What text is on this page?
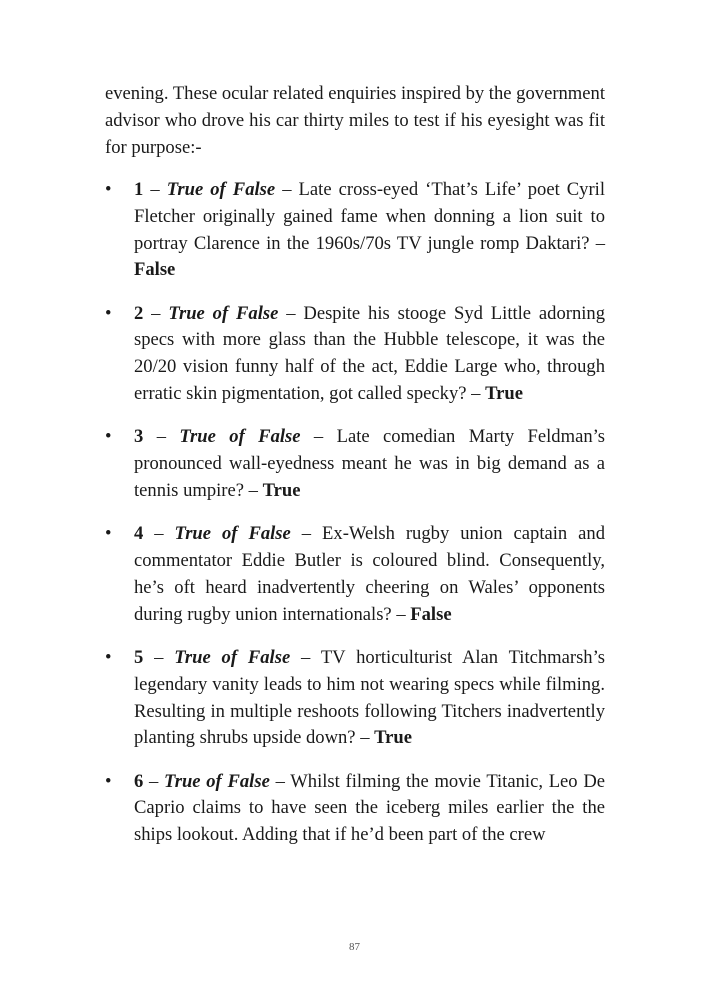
evening. These ocular related enquiries inspired by the government advisor who drove his car thirty miles to test if his eyesight was fit for purpose:-

• 1 – True of False – Late cross-eyed ‘That’s Life’ poet Cyril Fletcher originally gained fame when donning a lion suit to portray Clarence in the 1960s/70s TV jungle romp Daktari? – False
• 2 – True of False – Despite his stooge Syd Little adorning specs with more glass than the Hubble telescope, it was the 20/20 vision funny half of the act, Eddie Large who, through erratic skin pigmentation, got called specky? – True
• 3 – True of False – Late comedian Marty Feldman’s pronounced wall-eyedness meant he was in big demand as a tennis umpire? – True
• 4 – True of False – Ex-Welsh rugby union captain and commentator Eddie Butler is coloured blind. Consequently, he’s oft heard inadvertently cheering on Wales’ opponents during rugby union internationals? – False
• 5 – True of False – TV horticulturist Alan Titchmarsh’s legendary vanity leads to him not wearing specs while filming. Resulting in multiple reshoots following Titchers inadvertently planting shrubs upside down? – True
• 6 – True of False – Whilst filming the movie Titanic, Leo De Caprio claims to have seen the iceberg miles earlier the the ships lookout. Adding that if he’d been part of the crew
87
